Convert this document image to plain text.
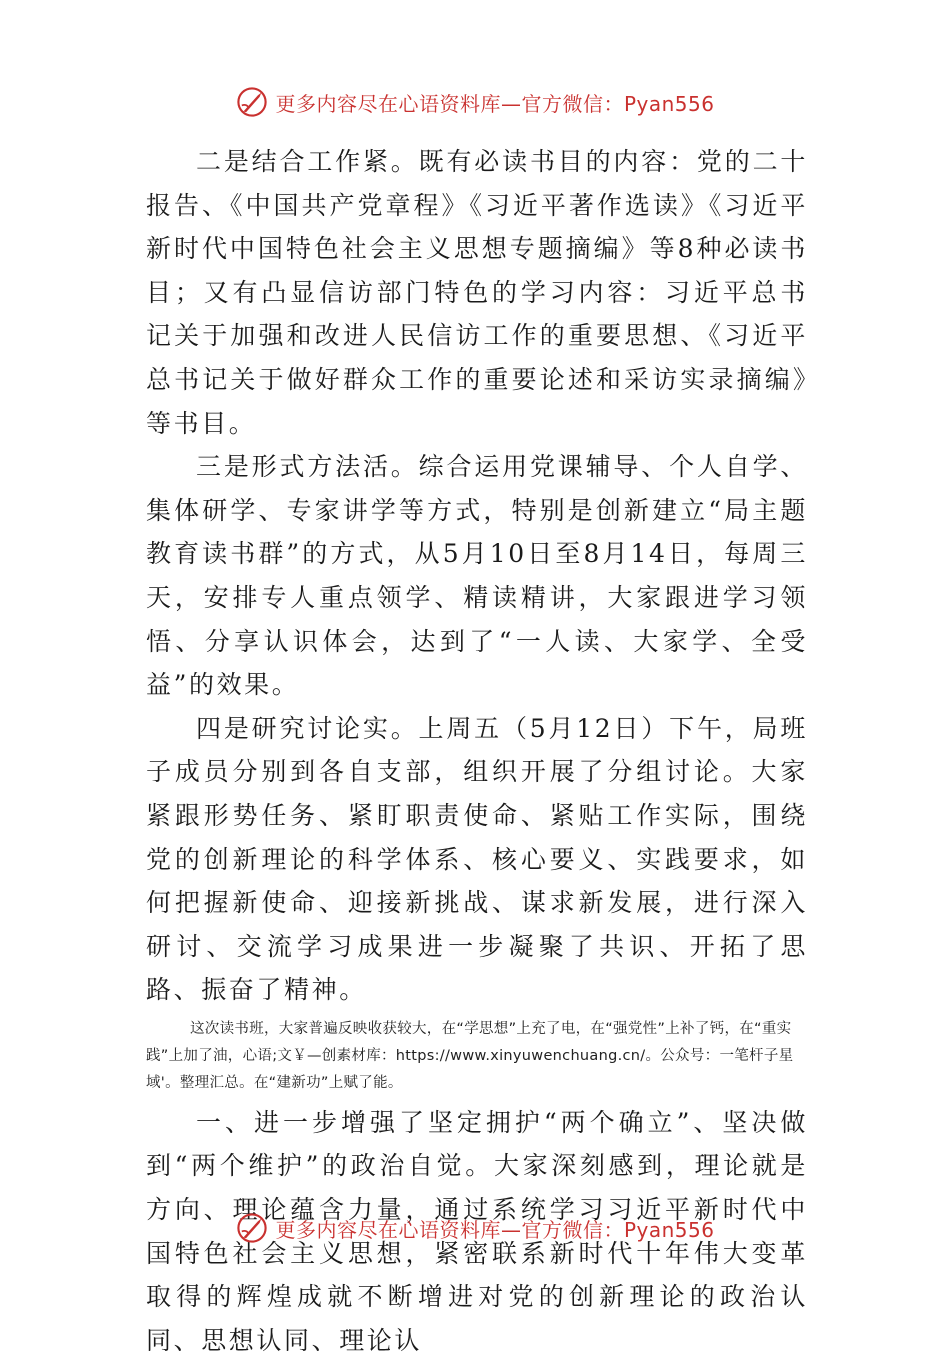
更多内容尽在心语资料库—官方微信：Pyan556

二是结合工作紧。既有必读书目的内容：党的二十报告、《中国共产党章程》《习近平著作选读》《习近平新时代中国特色社会主义思想专题摘编》等8种必读书目；又有凸显信访部门特色的学习内容：习近平总书记关于加强和改进人民信访工作的重要思想、《习近平总书记关于做好群众工作的重要论述和采访实录摘编》等书目。

三是形式方法活。综合运用党课辅导、个人自学、集体研学、专家讲学等方式，特别是创新建立“局主题教育读书群”的方式，从5月10日至8月14日，每周三天，安排专人重点领学、精读精讲，大家跟进学习领悟、分享认识体会，达到了“一人读、大家学、全受益”的效果。

四是研究讨论实。上周五（5月12日）下午，局班子成员分别到各自支部，组织开展了分组讨论。大家紧跟形势任务、紧盯职责使命、紧贴工作实际，围绕党的创新理论的科学体系、核心要义、实践要求，如何把握新使命、迎接新挑战、谋求新发展，进行深入研讨、交流学习成果进一步凝聚了共识、开拓了思路、振奋了精神。

这次读书班，大家普遍反映收获较大，在“学思想”上充了电，在“强党性”上补了钙，在“重实践”上加了油，心语;文￥—创素材库：https://www.xinyuwenchuang.cn/。公众号：一笔杆子星域'。整理汇总。在“建新功”上赋了能。

一、进一步增强了坚定拥护“两个确立”、坚决做到“两个维护”的政治自觉。大家深刻感到，理论就是方向、理论蕴含力量，通过系统学习习近平新时代中国特色社会主义思想，紧密联系新时代十年伟大变革取得的辉煌成就不断增进对党的创新理论的政治认同、思想认同、理论认

更多内容尽在心语资料库—官方微信：Pyan556
